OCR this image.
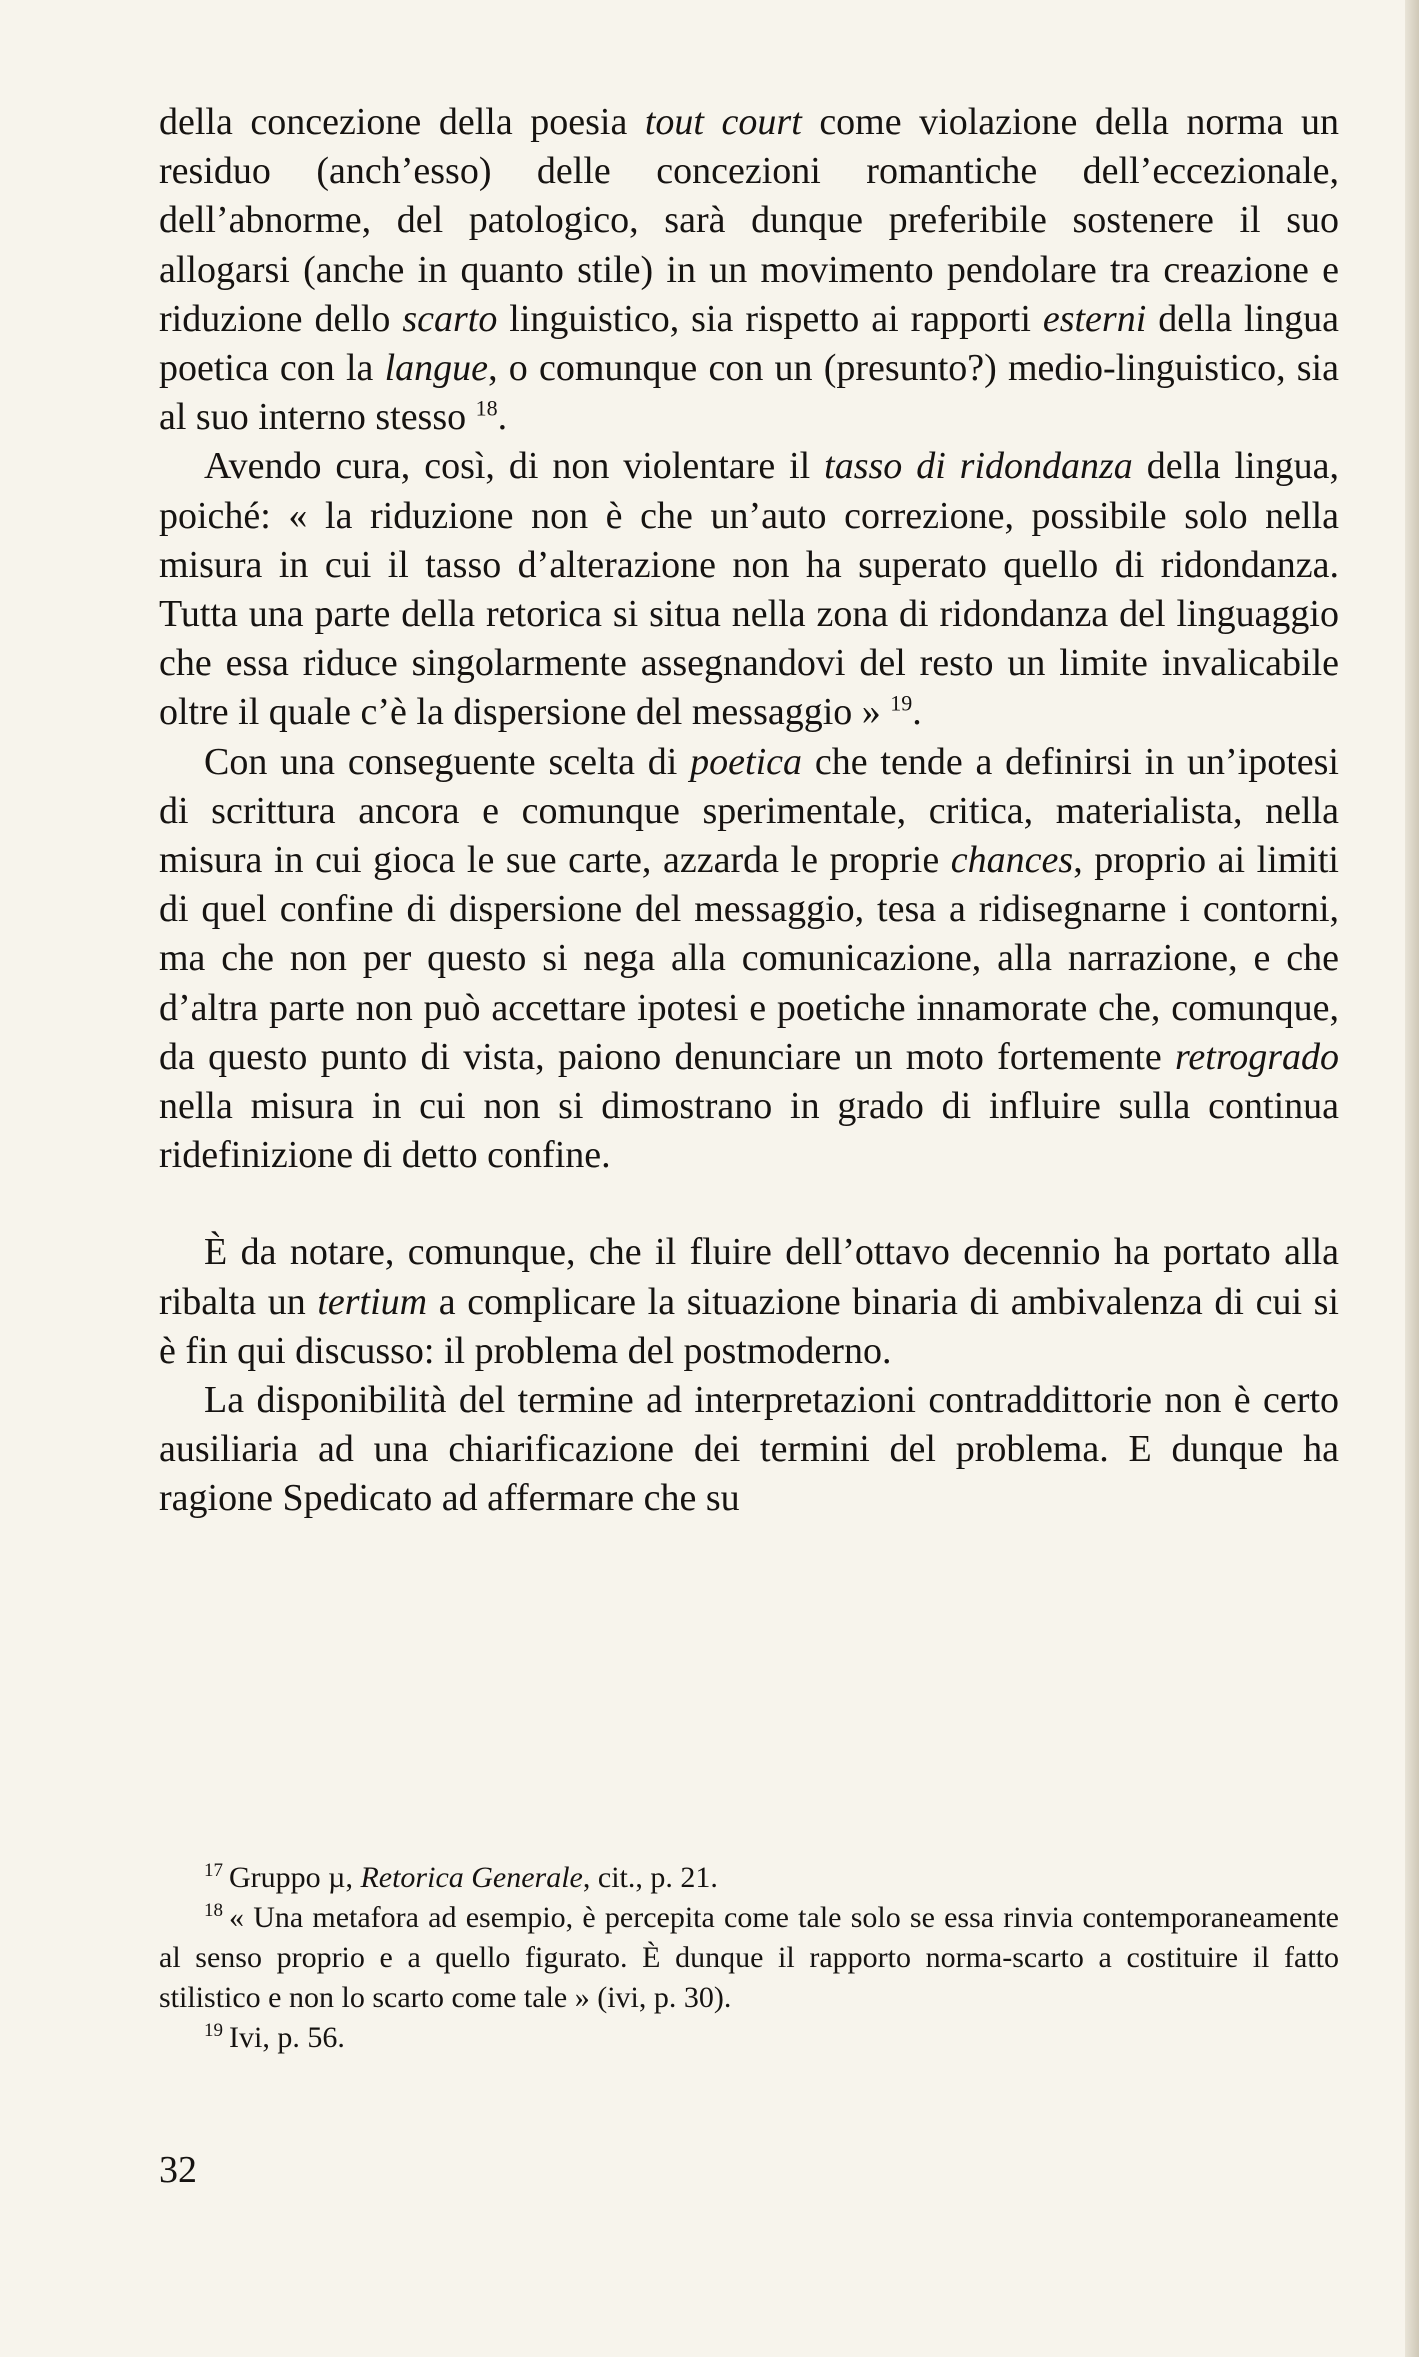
della concezione della poesia tout court come violazione della norma un residuo (anch’esso) delle concezioni romantiche dell’eccezionale, dell’abnorme, del patologico, sarà dunque preferibile sostenere il suo allogarsi (anche in quanto stile) in un movimento pendolare tra creazione e riduzione dello scarto linguistico, sia rispetto ai rapporti esterni della lingua poetica con la langue, o comunque con un (presunto?) medio-linguistico, sia al suo interno stesso $^{18}$.

Avendo cura, così, di non violentare il tasso di ridondanza della lingua, poiché: « la riduzione non è che un’auto correzione, possibile solo nella misura in cui il tasso d’alterazione non ha superato quello di ridondanza. Tutta una parte della retorica si situa nella zona di ridondanza del linguaggio che essa riduce singolarmente assegnandovi del resto un limite invalicabile oltre il quale c’è la dispersione del messaggio » $^{19}$.

Con una conseguente scelta di poetica che tende a definirsi in un’ipotesi di scrittura ancora e comunque sperimentale, critica, materialista, nella misura in cui gioca le sue carte, azzarda le proprie chances, proprio ai limiti di quel confine di dispersione del messaggio, tesa a ridisegnarne i contorni, ma che non per questo si nega alla comunicazione, alla narrazione, e che d’altra parte non può accettare ipotesi e poetiche innamorate che, comunque, da questo punto di vista, paiono denunciare un moto fortemente retrogrado nella misura in cui non si dimostrano in grado di influire sulla continua ridefinizione di detto confine.

È da notare, comunque, che il fluire dell’ottavo decennio ha portato alla ribalta un tertium a complicare la situazione binaria di ambivalenza di cui si è fin qui discusso: il problema del postmoderno.

La disponibilità del termine ad interpretazioni contraddittorie non è certo ausiliaria ad una chiarificazione dei termini del problema. E dunque ha ragione Spedicato ad affermare che su

$^{17}$ Gruppo µ, Retorica Generale, cit., p. 21.

$^{18}$ « Una metafora ad esempio, è percepita come tale solo se essa rinvia contemporaneamente al senso proprio e a quello figurato. È dunque il rapporto norma-scarto a costituire il fatto stilistico e non lo scarto come tale » (ivi, p. 30).

$^{19}$ Ivi, p. 56.

32
